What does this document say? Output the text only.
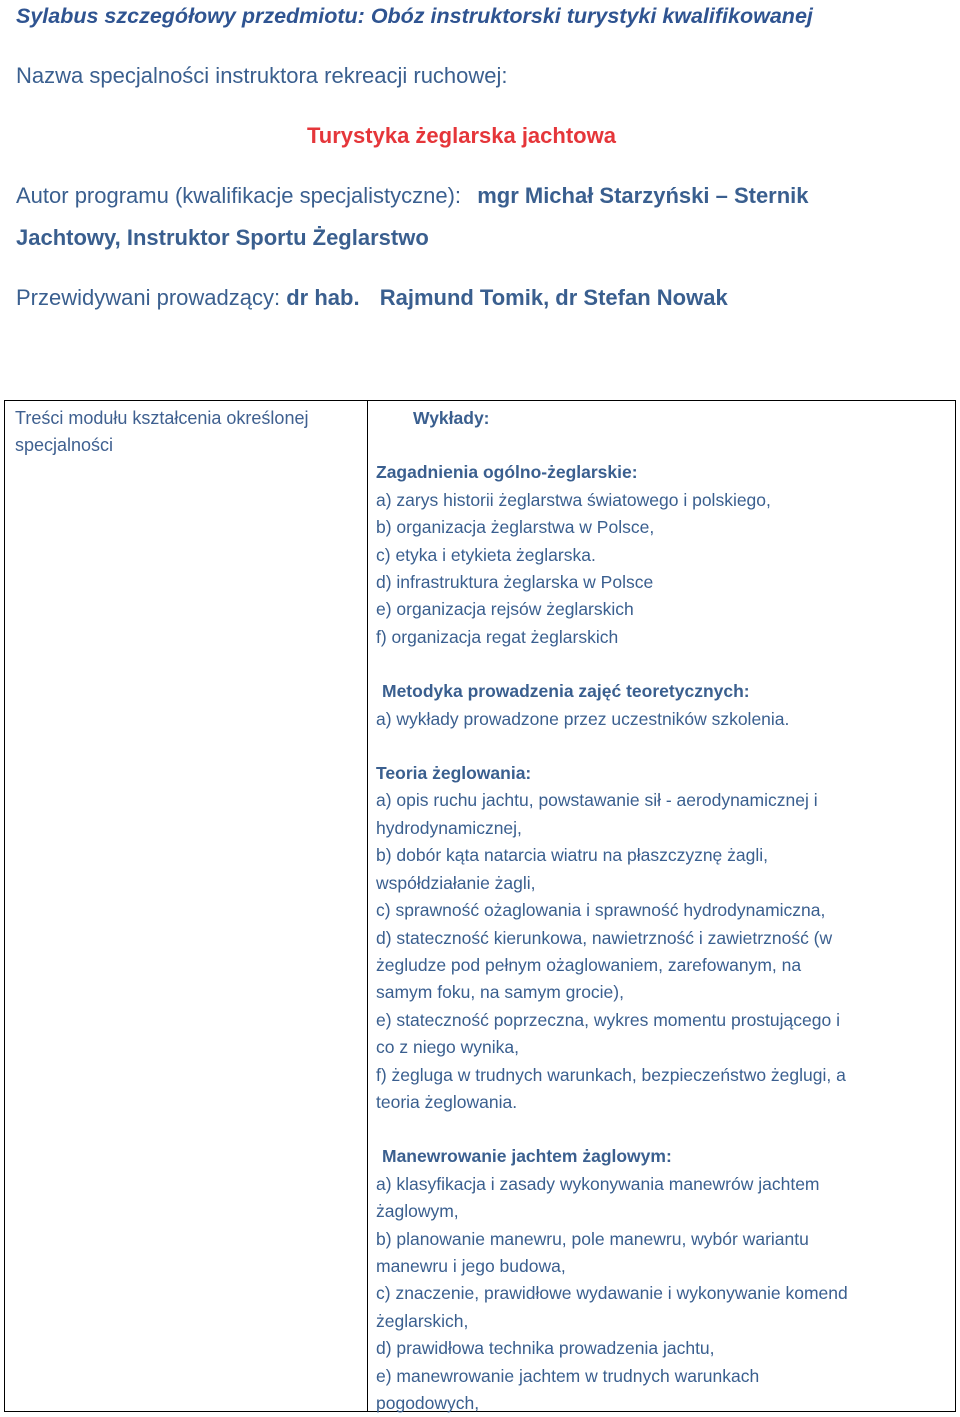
Sylabus szczegółowy przedmiotu: Obóz instruktorski turystyki kwalifikowanej
Nazwa specjalności instruktora rekreacji ruchowej:
Turystyka żeglarska jachtowa
Autor programu (kwalifikacje specjalistyczne): mgr Michał Starzyński – Sternik
Jachtowy, Instruktor Sportu Żeglarstwo
Przewidywani prowadzący: dr hab. Rajmund Tomik, dr Stefan Nowak
Treści modułu kształcenia określonej specjalności

Wykłady:

Zagadnienia ogólno-żeglarskie:

a) zarys historii żeglarstwa światowego i polskiego,

b) organizacja żeglarstwa w Polsce,

c) etyka i etykieta żeglarska.

d) infrastruktura żeglarska w Polsce

e) organizacja rejsów żeglarskich

f) organizacja regat żeglarskich

Metodyka prowadzenia zajęć teoretycznych:

a) wykłady prowadzone przez uczestników szkolenia.

Teoria żeglowania:

a) opis ruchu jachtu, powstawanie sił - aerodynamicznej i

hydrodynamicznej,

b) dobór kąta natarcia wiatru na płaszczyznę żagli,

współdziałanie żagli,

c) sprawność ożaglowania i sprawność hydrodynamiczna,

d) stateczność kierunkowa, nawietrzność i zawietrzność (w

żegludze pod pełnym ożaglowaniem, zarefowanym, na

samym foku, na samym grocie),

e) stateczność poprzeczna, wykres momentu prostującego i

co z niego wynika,

f) żegluga w trudnych warunkach, bezpieczeństwo żeglugi, a

teoria żeglowania.

Manewrowanie jachtem żaglowym:

a) klasyfikacja i zasady wykonywania manewrów jachtem

żaglowym,

b) planowanie manewru, pole manewru, wybór wariantu

manewru i jego budowa,

c) znaczenie, prawidłowe wydawanie i wykonywanie komend

żeglarskich,

d) prawidłowa technika prowadzenia jachtu,

e) manewrowanie jachtem w trudnych warunkach

pogodowych,
